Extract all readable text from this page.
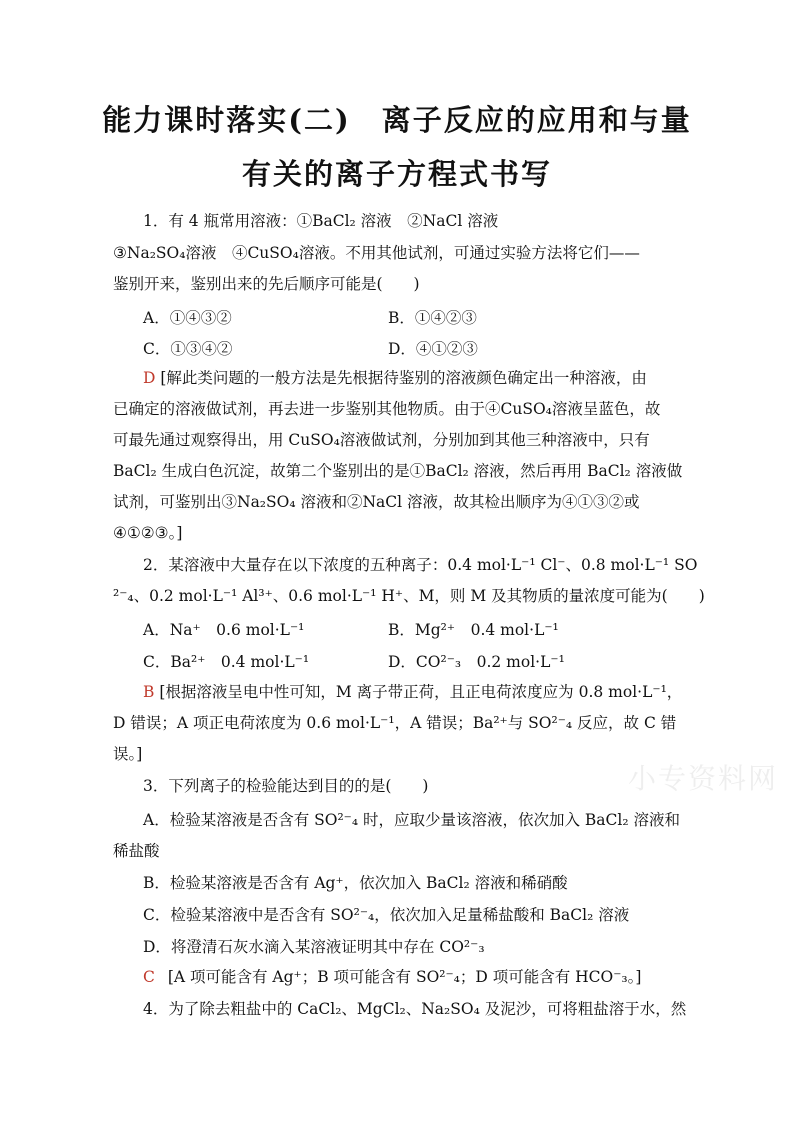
能力课时落实(二)　离子反应的应用和与量
有关的离子方程式书写
1．有 4 瓶常用溶液：①BaCl₂ 溶液　②NaCl 溶液
③Na₂SO₄溶液　④CuSO₄溶液。不用其他试剂，可通过实验方法将它们——
鉴别开来，鉴别出来的先后顺序可能是(　　)
A．①④③②	B．①④②③
C．①③④②	D．④①②③
D [解此类问题的一般方法是先根据待鉴别的溶液颜色确定出一种溶液，由
已确定的溶液做试剂，再去进一步鉴别其他物质。由于④CuSO₄溶液呈蓝色，故
可最先通过观察得出，用 CuSO₄溶液做试剂，分别加到其他三种溶液中，只有
BaCl₂ 生成白色沉淀，故第二个鉴别出的是①BaCl₂ 溶液，然后再用 BaCl₂ 溶液做
试剂，可鉴别出③Na₂SO₄ 溶液和②NaCl 溶液，故其检出顺序为④①③②或
④①②③。]
2．某溶液中大量存在以下浓度的五种离子：0.4 mol·L⁻¹ Cl⁻、0.8 mol·L⁻¹ SO
²⁻₄、0.2 mol·L⁻¹ Al³⁺、0.6 mol·L⁻¹ H⁺、M，则 M 及其物质的量浓度可能为(　　)
A．Na⁺　0.6 mol·L⁻¹	B．Mg²⁺　0.4 mol·L⁻¹
C．Ba²⁺　0.4 mol·L⁻¹	D．CO²⁻₃　0.2 mol·L⁻¹
B [根据溶液呈电中性可知，M 离子带正荷，且正电荷浓度应为 0.8 mol·L⁻¹，
D 错误；A 项正电荷浓度为 0.6 mol·L⁻¹，A 错误；Ba²⁺与 SO²⁻₄ 反应，故 C 错
误。]
小专资料网
3．下列离子的检验能达到目的的是(　　)
A．检验某溶液是否含有 SO²⁻₄ 时，应取少量该溶液，依次加入 BaCl₂ 溶液和
稀盐酸
B．检验某溶液是否含有 Ag⁺，依次加入 BaCl₂ 溶液和稀硝酸
C．检验某溶液中是否含有 SO²⁻₄，依次加入足量稀盐酸和 BaCl₂ 溶液
D．将澄清石灰水滴入某溶液证明其中存在 CO²⁻₃
C [A 项可能含有 Ag⁺；B 项可能含有 SO²⁻₄；D 项可能含有 HCO⁻₃。]
4．为了除去粗盐中的 CaCl₂、MgCl₂、Na₂SO₄ 及泥沙，可将粗盐溶于水，然
